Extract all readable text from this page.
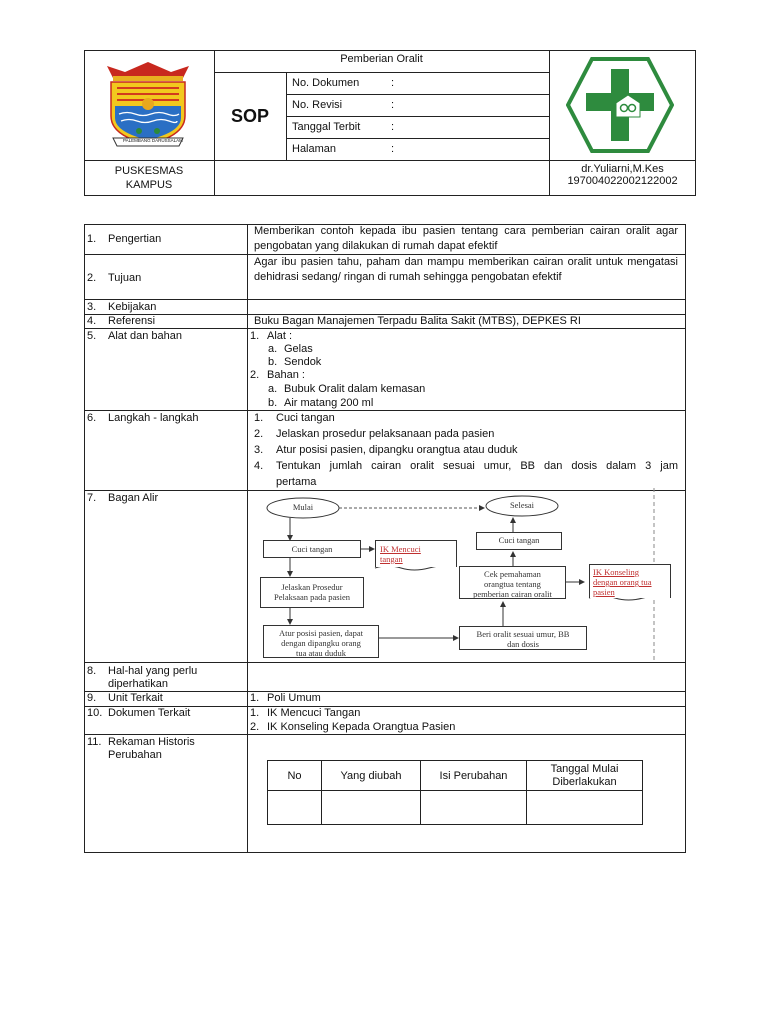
PALEMBANG DARUSSALAM
PUSKESMAS
KAMPUS
Pemberian Oralit
SOP
No. Dokumen	:
No. Revisi	:
Tanggal Terbit	:
Halaman	:
dr.Yuliarni,M.Kes
197004022002122002
1. Pengertian
Memberikan contoh kepada ibu pasien tentang cara pemberian cairan oralit agar pengobatan yang dilakukan di rumah dapat efektif
2. Tujuan
Agar ibu pasien tahu, paham dan mampu memberikan cairan oralit untuk mengatasi dehidrasi sedang/ ringan di rumah sehingga pengobatan efektif
3. Kebijakan
4. Referensi	Buku Bagan Manajemen Terpadu Balita Sakit (MTBS), DEPKES RI
5. Alat dan bahan	1. Alat :
a. Gelas
b. Sendok
2. Bahan :
a. Bubuk Oralit dalam kemasan
b. Air matang 200 ml
6. Langkah - langkah	1. Cuci tangan
2. Jelaskan prosedur pelaksanaan pada pasien
3. Atur posisi pasien, dipangku orangtua atau duduk
4. Tentukan jumlah cairan oralit sesuai umur, BB dan dosis dalam 3 jam
pertama
7. Bagan Alir
Mulai	Selesai
Cuci tangan	IK Mencuci
tangan
Jelaskan Prosedur
Pelaksaan pada pasien
Atur posisi pasien, dapat
dengan dipangku orang
tua atau duduk
Beri oralit sesuai umur, BB
dan dosis
Cek pemahaman
orangtua tentang
pemberian cairan oralit
Cuci tangan
IK Konseling
dengan orang tua
pasien
8. Hal-hal yang perlu
diperhatikan
9. Unit Terkait	1. Poli Umum
10. Dokumen Terkait	1. IK Mencuci Tangan
2. IK Konseling Kepada Orangtua Pasien
11. Rekaman Historis
Perubahan
No	Yang diubah	Isi Perubahan	Tanggal Mulai Diberlakukan
